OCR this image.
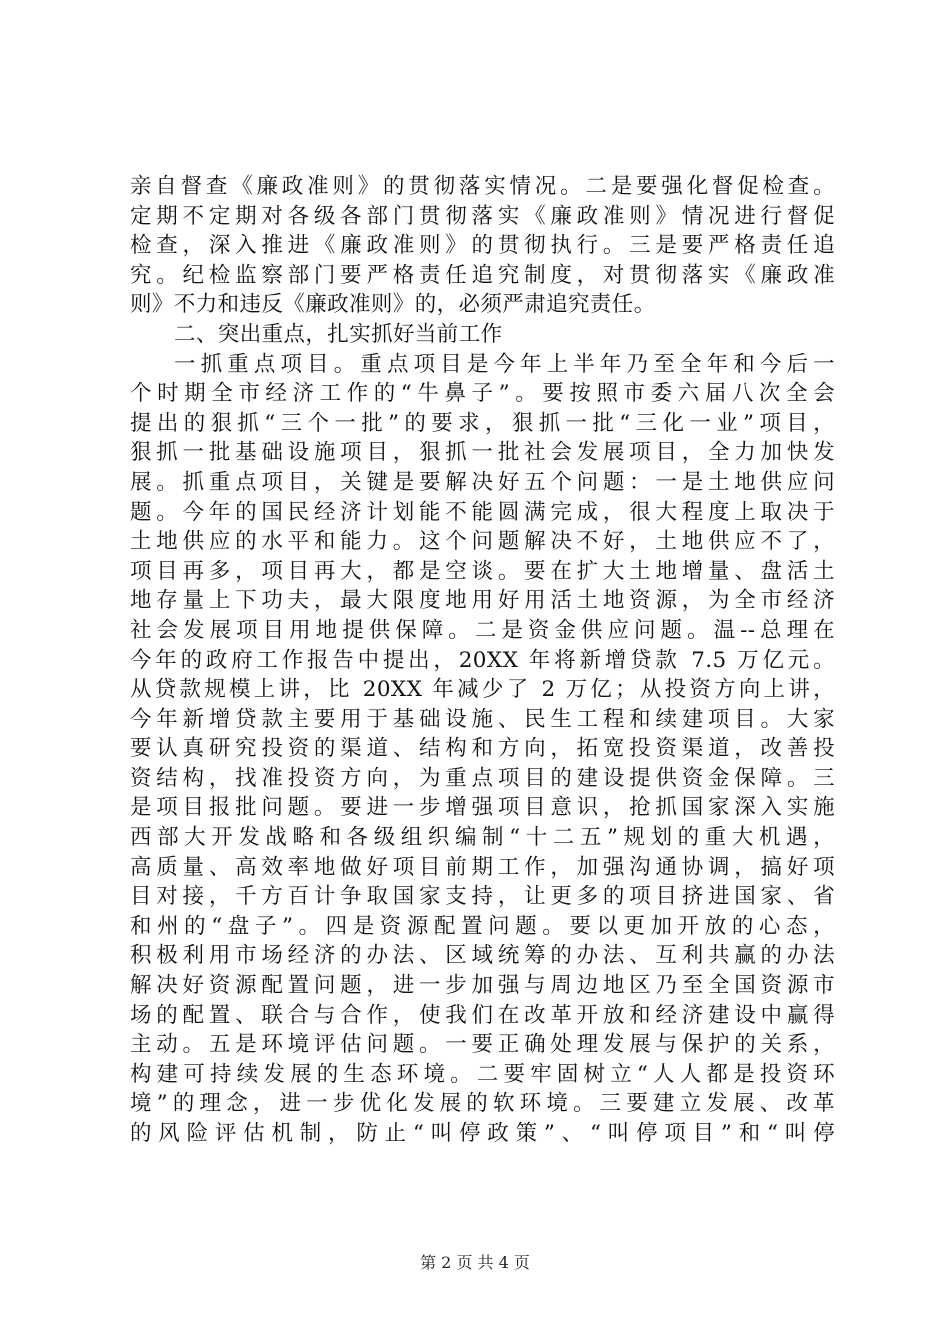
亲自督查《廉政准则》的贯彻落实情况。二是要强化督促检查。
定期不定期对各级各部门贯彻落实《廉政准则》情况进行督促
检查，深入推进《廉政准则》的贯彻执行。三是要严格责任追
究。纪检监察部门要严格责任追究制度，对贯彻落实《廉政准
则》不力和违反《廉政准则》的，必须严肃追究责任。
二、突出重点，扎实抓好当前工作
一抓重点项目。重点项目是今年上半年乃至全年和今后一
个时期全市经济工作的“牛鼻子”。要按照市委六届八次全会
提出的狠抓“三个一批”的要求，狠抓一批“三化一业”项目，
狠抓一批基础设施项目，狠抓一批社会发展项目，全力加快发
展。抓重点项目，关键是要解决好五个问题：一是土地供应问
题。今年的国民经济计划能不能圆满完成，很大程度上取决于
土地供应的水平和能力。这个问题解决不好，土地供应不了，
项目再多，项目再大，都是空谈。要在扩大土地增量、盘活土
地存量上下功夫，最大限度地用好用活土地资源，为全市经济
社会发展项目用地提供保障。二是资金供应问题。温--总理在
今年的政府工作报告中提出，20XX 年将新增贷款 7.5 万亿元。
从贷款规模上讲，比 20XX 年减少了 2 万亿；从投资方向上讲，
今年新增贷款主要用于基础设施、民生工程和续建项目。大家
要认真研究投资的渠道、结构和方向，拓宽投资渠道，改善投
资结构，找准投资方向，为重点项目的建设提供资金保障。三
是项目报批问题。要进一步增强项目意识，抢抓国家深入实施
西部大开发战略和各级组织编制“十二五”规划的重大机遇，
高质量、高效率地做好项目前期工作，加强沟通协调，搞好项
目对接，千方百计争取国家支持，让更多的项目挤进国家、省
和州的“盘子”。四是资源配置问题。要以更加开放的心态，
积极利用市场经济的办法、区域统筹的办法、互利共赢的办法
解决好资源配置问题，进一步加强与周边地区乃至全国资源市
场的配置、联合与合作，使我们在改革开放和经济建设中赢得
主动。五是环境评估问题。一要正确处理发展与保护的关系，
构建可持续发展的生态环境。二要牢固树立“人人都是投资环
境”的理念，进一步优化发展的软环境。三要建立发展、改革
的风险评估机制，防止“叫停政策”、“叫停项目”和“叫停
第 2 页 共 4 页
